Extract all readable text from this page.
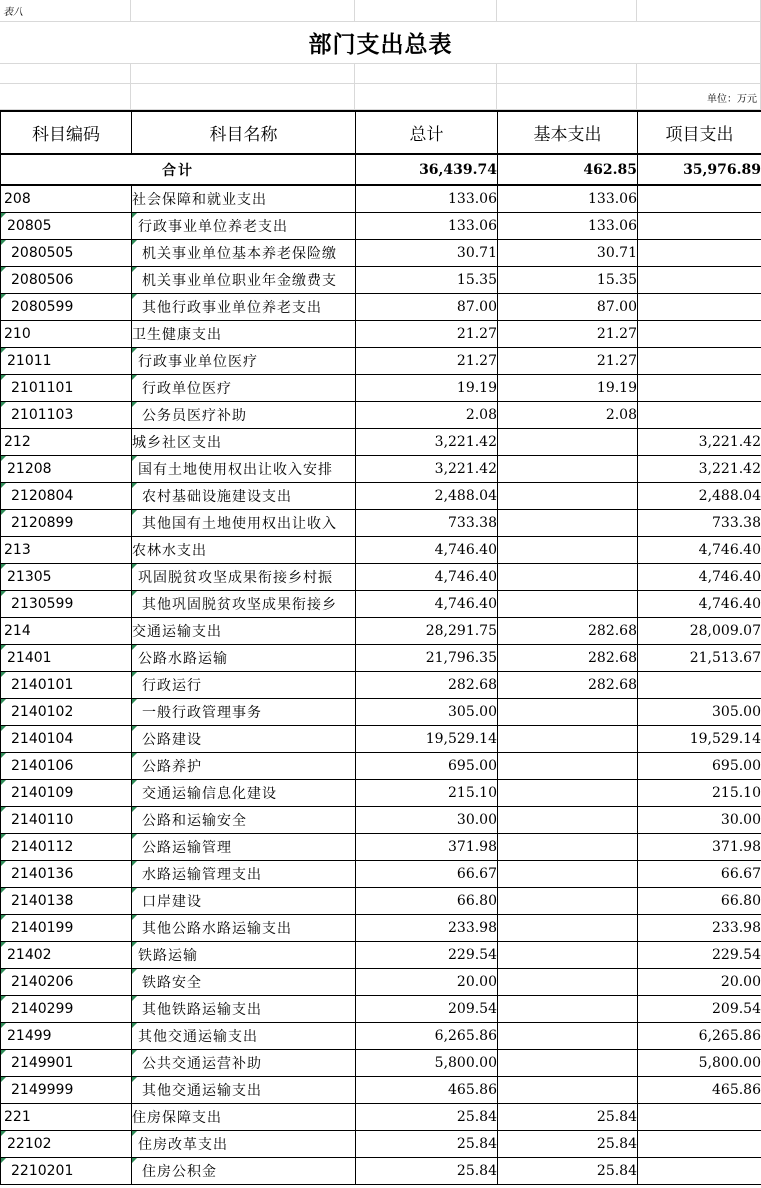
表八
部门支出总表
单位：万元
科目编码	科目名称	总计	基本支出	项目支出
合计		36,439.74	462.85	35,976.89
208	社会保障和就业支出	133.06	133.06	
20805	行政事业单位养老支出	133.06	133.06	
2080505	机关事业单位基本养老保险缴	30.71	30.71	
2080506	机关事业单位职业年金缴费支	15.35	15.35	
2080599	其他行政事业单位养老支出	87.00	87.00	
210	卫生健康支出	21.27	21.27	
21011	行政事业单位医疗	21.27	21.27	
2101101	行政单位医疗	19.19	19.19	
2101103	公务员医疗补助	2.08	2.08	
212	城乡社区支出	3,221.42		3,221.42
21208	国有土地使用权出让收入安排	3,221.42		3,221.42
2120804	农村基础设施建设支出	2,488.04		2,488.04
2120899	其他国有土地使用权出让收入	733.38		733.38
213	农林水支出	4,746.40		4,746.40
21305	巩固脱贫攻坚成果衔接乡村振	4,746.40		4,746.40
2130599	其他巩固脱贫攻坚成果衔接乡	4,746.40		4,746.40
214	交通运输支出	28,291.75	282.68	28,009.07
21401	公路水路运输	21,796.35	282.68	21,513.67
2140101	行政运行	282.68	282.68	
2140102	一般行政管理事务	305.00		305.00
2140104	公路建设	19,529.14		19,529.14
2140106	公路养护	695.00		695.00
2140109	交通运输信息化建设	215.10		215.10
2140110	公路和运输安全	30.00		30.00
2140112	公路运输管理	371.98		371.98
2140136	水路运输管理支出	66.67		66.67
2140138	口岸建设	66.80		66.80
2140199	其他公路水路运输支出	233.98		233.98
21402	铁路运输	229.54		229.54
2140206	铁路安全	20.00		20.00
2140299	其他铁路运输支出	209.54		209.54
21499	其他交通运输支出	6,265.86		6,265.86
2149901	公共交通运营补助	5,800.00		5,800.00
2149999	其他交通运输支出	465.86		465.86
221	住房保障支出	25.84	25.84	
22102	住房改革支出	25.84	25.84	
2210201	住房公积金	25.84	25.84	
